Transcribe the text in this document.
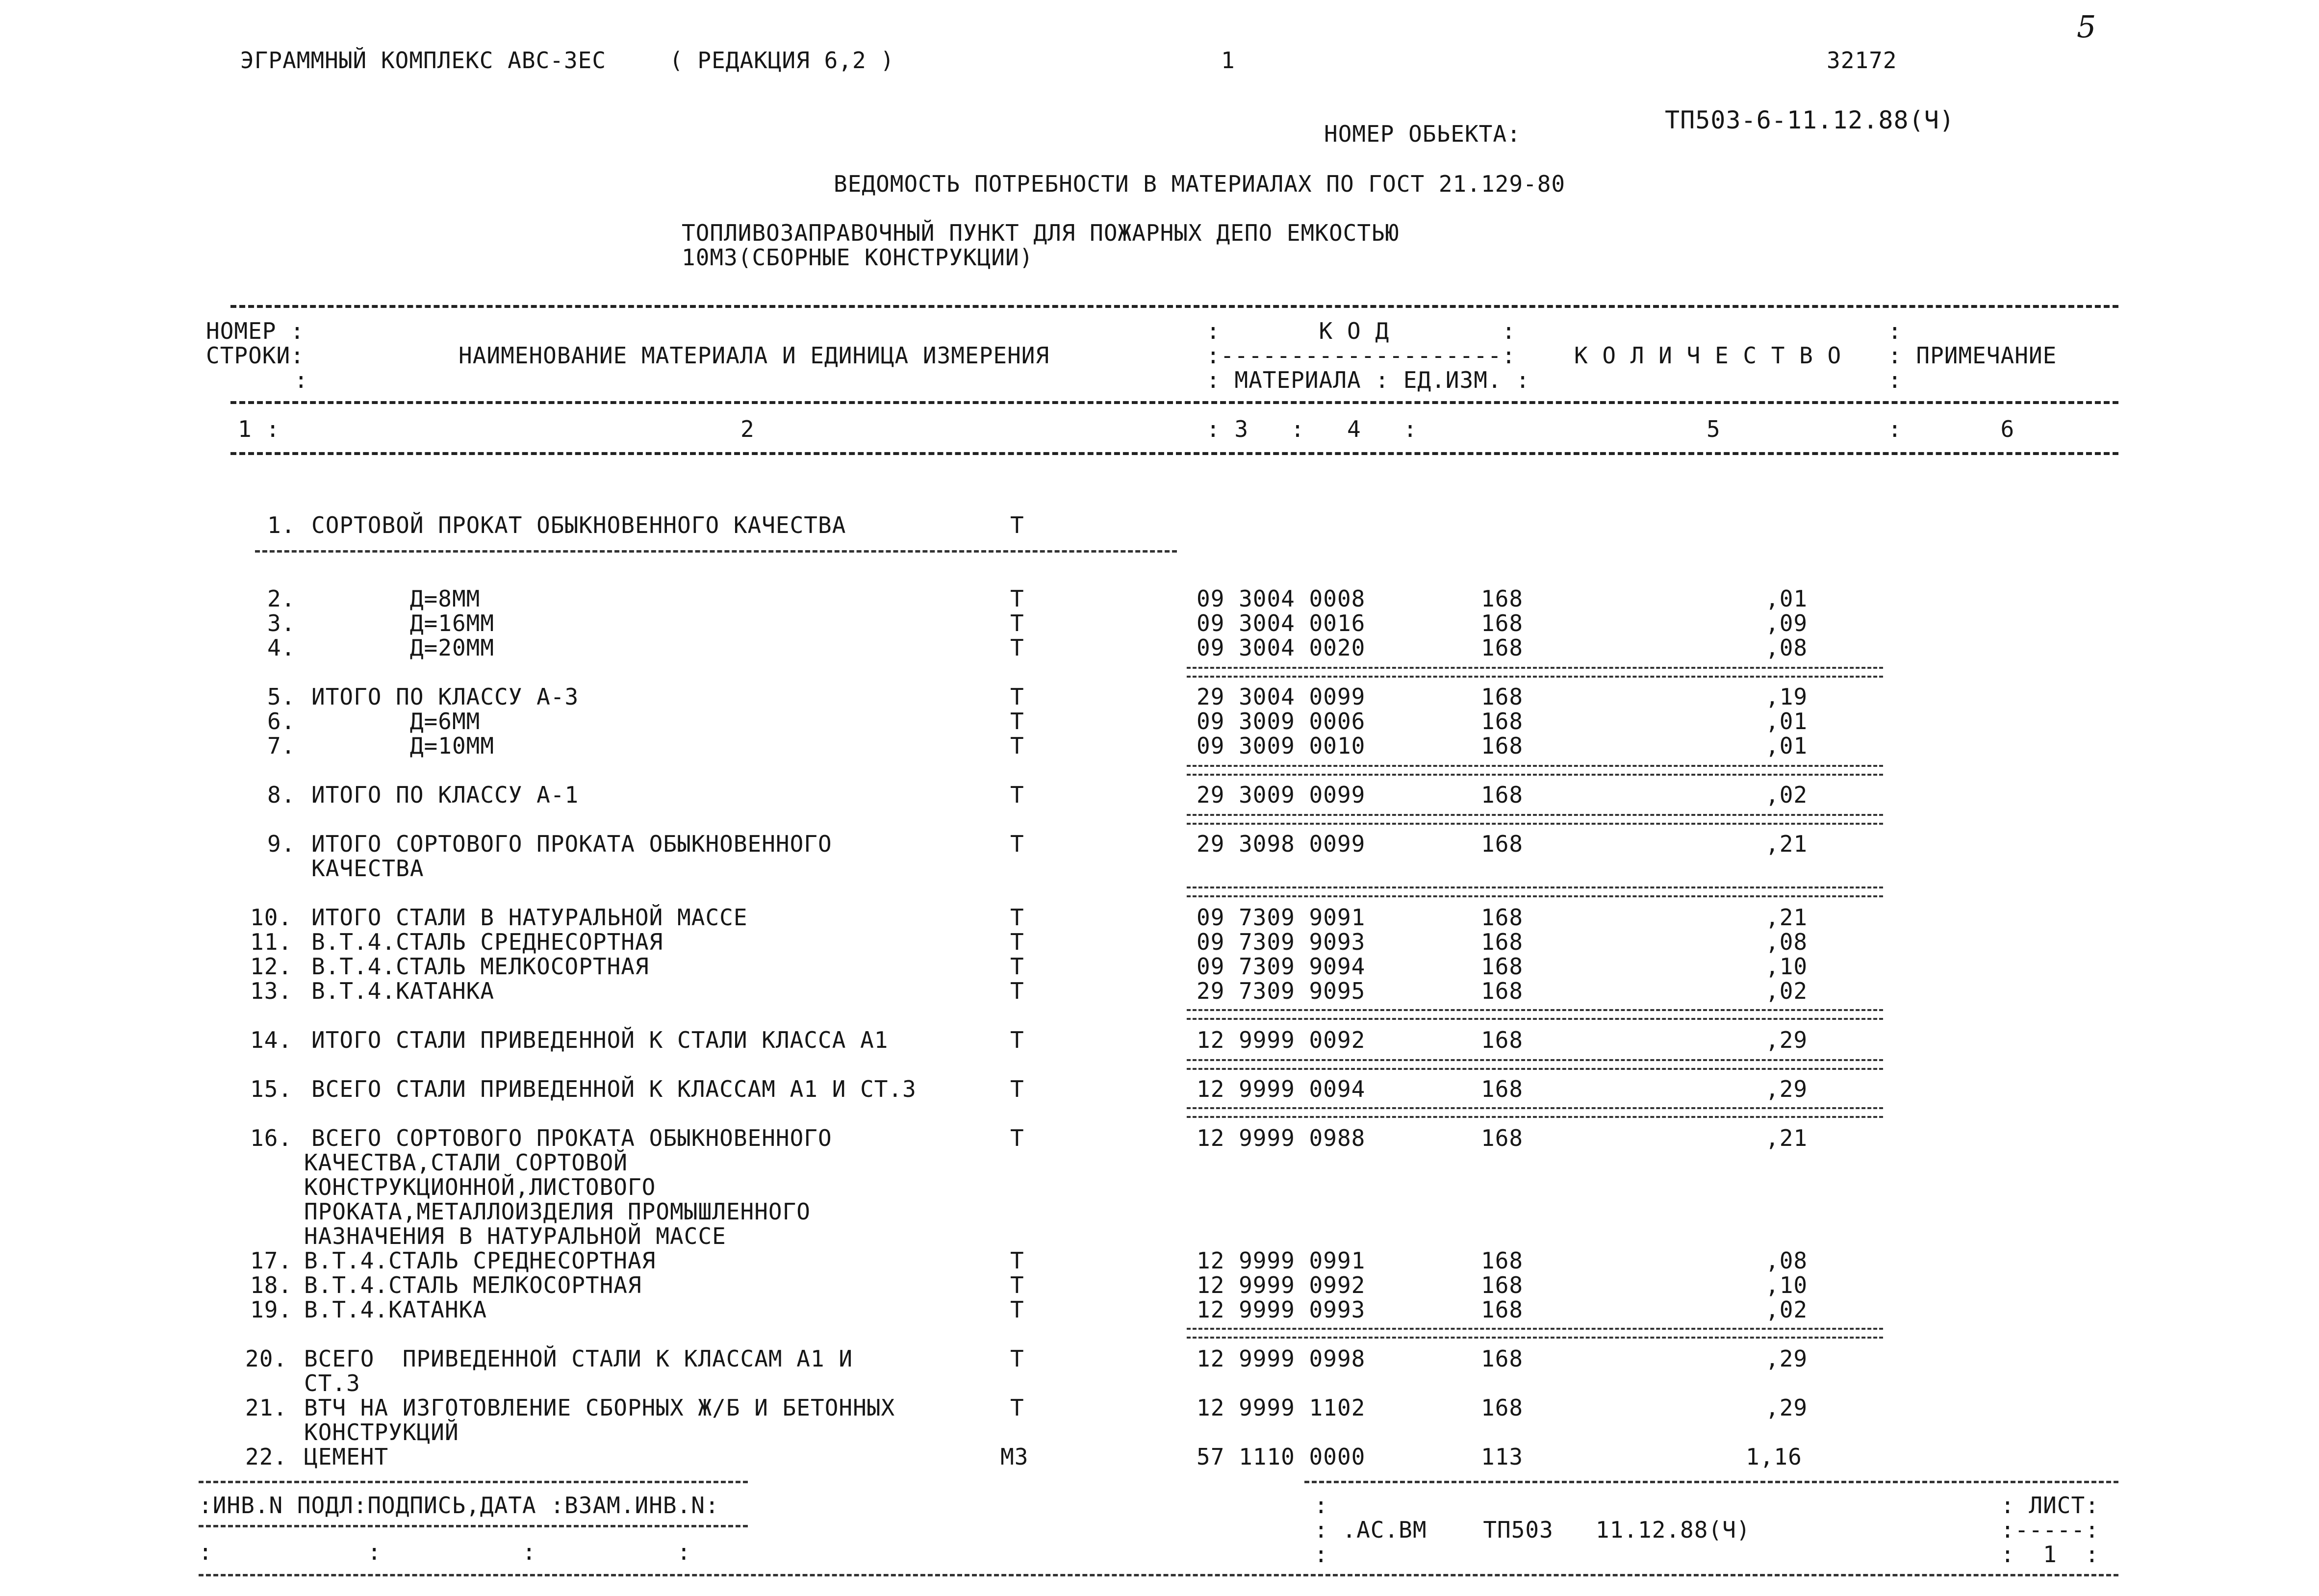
ЭГРАММНЫЙ КОМПЛЕКС АВС-3ЕС	( РЕДАКЦИЯ 6,2 )	1	32172
5
НОМЕР ОБЬЕКТА:	ТП503-6-11.12.88(Ч)
ВЕДОМОСТЬ ПОТРЕБНОСТИ В МАТЕРИАЛАХ ПО ГОСТ 21.129-80
ТОПЛИВОЗАПРАВОЧНЫЙ ПУНКТ ДЛЯ ПОЖАРНЫХ ДЕПО ЕМКОСТЬЮ
10М3(СБОРНЫЕ КОНСТРУКЦИИ)
НОМЕР :
СТРОКИ:
:
НАИМЕНОВАНИЕ МАТЕРИАЛА И ЕДИНИЦА ИЗМЕРЕНИЯ
:       К О Д        :
:--------------------:
: МАТЕРИАЛА : ЕД.ИЗМ. :
К О Л И Ч Е С Т В О : ПРИМЕЧАНИЕ
:
:
1 :	2	: 3   :   4   :	5	:       6
1. СОРТОВОЙ ПРОКАТ ОБЫКНОВЕННОГО КАЧЕСТВА	Т
2. Д=8ММ	Т	09 3004 0008	168	,01
3. Д=16ММ	Т	09 3004 0016	168	,09
4. Д=20ММ	Т	09 3004 0020	168	,08
5. ИТОГО ПО КЛАССУ А-3	Т	29 3004 0099	168	,19
6. Д=6ММ	Т	09 3009 0006	168	,01
7. Д=10ММ	Т	09 3009 0010	168	,01
8. ИТОГО ПО КЛАССУ А-1	Т	29 3009 0099	168	,02
9. ИТОГО СОРТОВОГО ПРОКАТА ОБЫКНОВЕННОГО	Т	29 3098 0099	168	,21
КАЧЕСТВА
10. ИТОГО СТАЛИ В НАТУРАЛЬНОЙ МАССЕ	Т	09 7309 9091	168	,21
11. В.Т.4.СТАЛЬ СРЕДНЕСОРТНАЯ	Т	09 7309 9093	168	,08
12. В.Т.4.СТАЛЬ МЕЛКОСОРТНАЯ	Т	09 7309 9094	168	,10
13. В.Т.4.КАТАНКА	Т	29 7309 9095	168	,02
14. ИТОГО СТАЛИ ПРИВЕДЕННОЙ К СТАЛИ КЛАССА А1	Т	12 9999 0092	168	,29
15. ВСЕГО СТАЛИ ПРИВЕДЕННОЙ К КЛАССАМ А1 И СТ.3	Т	12 9999 0094	168	,29
16. ВСЕГО СОРТОВОГО ПРОКАТА ОБЫКНОВЕННОГО	Т	12 9999 0988	168	,21
КАЧЕСТВА,СТАЛИ СОРТОВОЙ
КОНСТРУКЦИОННОЙ,ЛИСТОВОГО
ПРОКАТА,МЕТАЛЛОИЗДЕЛИЯ ПРОМЫШЛЕННОГО
НАЗНАЧЕНИЯ В НАТУРАЛЬНОЙ МАССЕ
17. В.Т.4.СТАЛЬ СРЕДНЕСОРТНАЯ	Т	12 9999 0991	168	,08
18. В.Т.4.СТАЛЬ МЕЛКОСОРТНАЯ	Т	12 9999 0992	168	,10
19. В.Т.4.КАТАНКА	Т	12 9999 0993	168	,02
20. ВСЕГО  ПРИВЕДЕННОЙ СТАЛИ К КЛАССАМ А1 И	Т	12 9999 0998	168	,29
СТ.3
21. ВТЧ НА ИЗГОТОВЛЕНИЕ СБОРНЫХ Ж/Б И БЕТОННЫХ	Т	12 9999 1102	168	,29
КОНСТРУКЦИЙ
22. ЦЕМЕНТ	М3	57 1110 0000	113	1,16
:ИНВ.N ПОДЛ:ПОДПИСЬ,ДАТА :ВЗАМ.ИНВ.N:
:           :          :          :
:
: .АС.ВМ    ТП503   11.12.88(Ч)
:
: ЛИСТ:
:-----:
:  1  :
